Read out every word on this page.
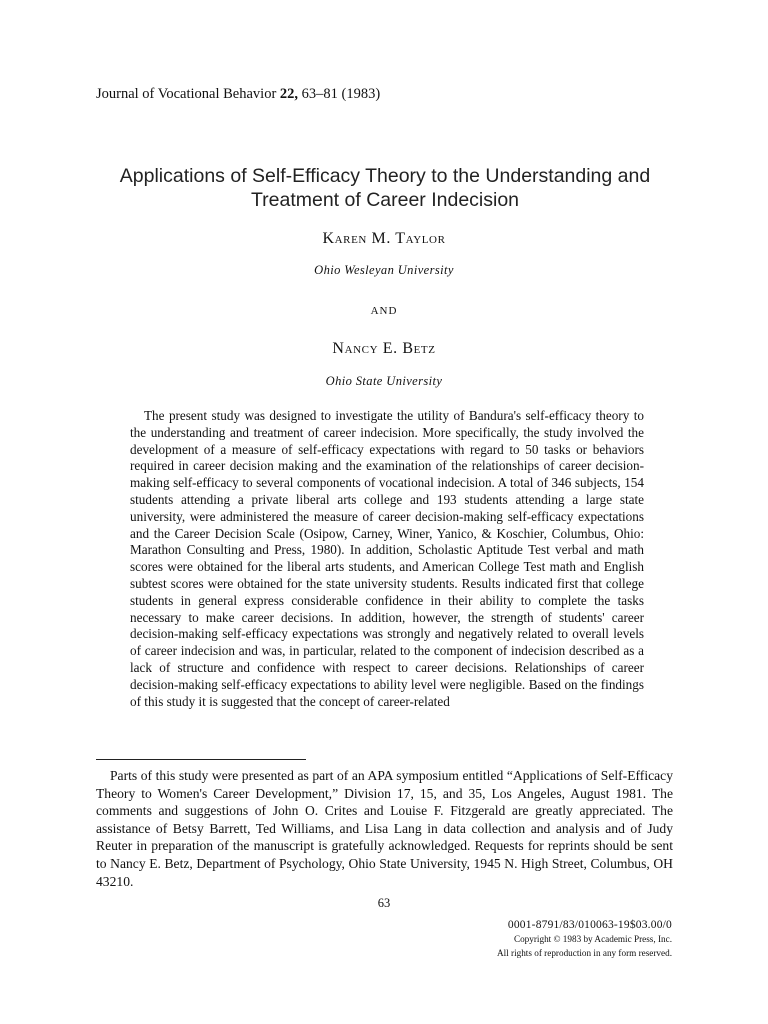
Journal of Vocational Behavior 22, 63–81 (1983)
Applications of Self-Efficacy Theory to the Understanding and
Treatment of Career Indecision
Karen M. Taylor
Ohio Wesleyan University
AND
Nancy E. Betz
Ohio State University

The present study was designed to investigate the utility of Bandura's self-efficacy theory to the understanding and treatment of career indecision. More specifically, the study involved the development of a measure of self-efficacy expectations with regard to 50 tasks or behaviors required in career decision making and the examination of the relationships of career decision-making self-efficacy to several components of vocational indecision. A total of 346 subjects, 154 students attending a private liberal arts college and 193 students attending a large state university, were administered the measure of career decision-making self-efficacy expectations and the Career Decision Scale (Osipow, Carney, Winer, Yanico, & Koschier, Columbus, Ohio: Marathon Consulting and Press, 1980). In addition, Scholastic Aptitude Test verbal and math scores were obtained for the liberal arts students, and American College Test math and English subtest scores were obtained for the state university students. Results indicated first that college students in general express considerable confidence in their ability to complete the tasks necessary to make career decisions. In addition, however, the strength of students' career decision-making self-efficacy expectations was strongly and negatively related to overall levels of career indecision and was, in particular, related to the component of indecision described as a lack of structure and confidence with respect to career decisions. Relationships of career decision-making self-efficacy expectations to ability level were negligible. Based on the findings of this study it is suggested that the concept of career-related

Parts of this study were presented as part of an APA symposium entitled “Applications of Self-Efficacy Theory to Women's Career Development,” Division 17, 15, and 35, Los Angeles, August 1981. The comments and suggestions of John O. Crites and Louise F. Fitzgerald are greatly appreciated. The assistance of Betsy Barrett, Ted Williams, and Lisa Lang in data collection and analysis and of Judy Reuter in preparation of the manuscript is gratefully acknowledged. Requests for reprints should be sent to Nancy E. Betz, Department of Psychology, Ohio State University, 1945 N. High Street, Columbus, OH 43210.

63
0001-8791/83/010063-19$03.00/0
Copyright © 1983 by Academic Press, Inc.
All rights of reproduction in any form reserved.
